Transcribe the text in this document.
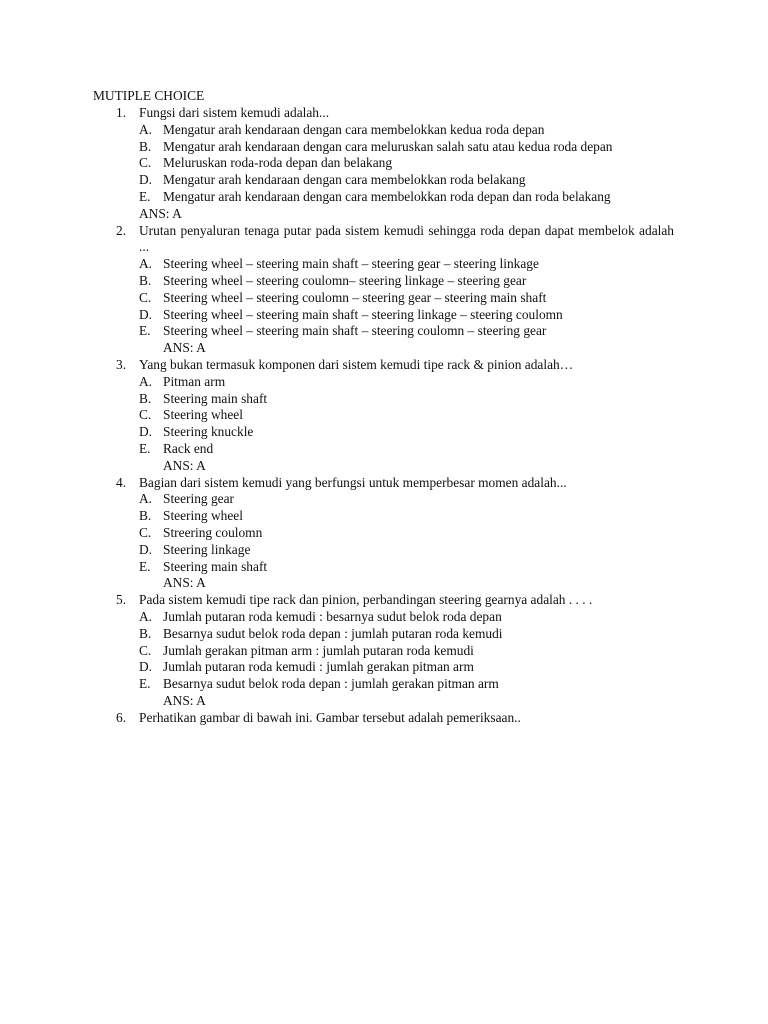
MUTIPLE CHOICE
1. Fungsi dari sistem kemudi adalah...
A. Mengatur arah kendaraan dengan cara membelokkan kedua roda depan
B. Mengatur arah kendaraan dengan cara meluruskan salah satu atau kedua roda depan
C. Meluruskan roda-roda depan dan belakang
D. Mengatur arah kendaraan dengan cara membelokkan roda belakang
E. Mengatur arah kendaraan dengan cara membelokkan roda depan dan roda belakang
ANS: A
2. Urutan penyaluran tenaga putar pada sistem kemudi sehingga roda depan dapat membelok adalah ...
A. Steering wheel – steering main shaft – steering gear – steering linkage
B. Steering wheel – steering coulomn– steering linkage – steering gear
C. Steering wheel – steering coulomn – steering gear – steering main shaft
D. Steering wheel – steering main shaft – steering linkage – steering coulomn
E. Steering wheel – steering main shaft – steering coulomn – steering gear
ANS: A
3. Yang bukan termasuk komponen dari sistem kemudi tipe rack & pinion adalah…
A. Pitman arm
B. Steering main shaft
C. Steering wheel
D. Steering knuckle
E. Rack end
ANS: A
4. Bagian dari sistem kemudi yang berfungsi untuk memperbesar momen adalah...
A. Steering gear
B. Steering wheel
C. Streering coulomn
D. Steering linkage
E. Steering main shaft
ANS: A
5. Pada sistem kemudi tipe rack dan pinion, perbandingan steering gearnya adalah . . . .
A. Jumlah putaran roda kemudi : besarnya sudut belok roda depan
B. Besarnya sudut belok roda depan : jumlah putaran roda kemudi
C. Jumlah gerakan pitman arm : jumlah putaran roda kemudi
D. Jumlah putaran roda kemudi : jumlah gerakan pitman arm
E. Besarnya sudut belok roda depan : jumlah gerakan pitman arm
ANS: A
6. Perhatikan gambar di bawah ini. Gambar tersebut adalah pemeriksaan..
